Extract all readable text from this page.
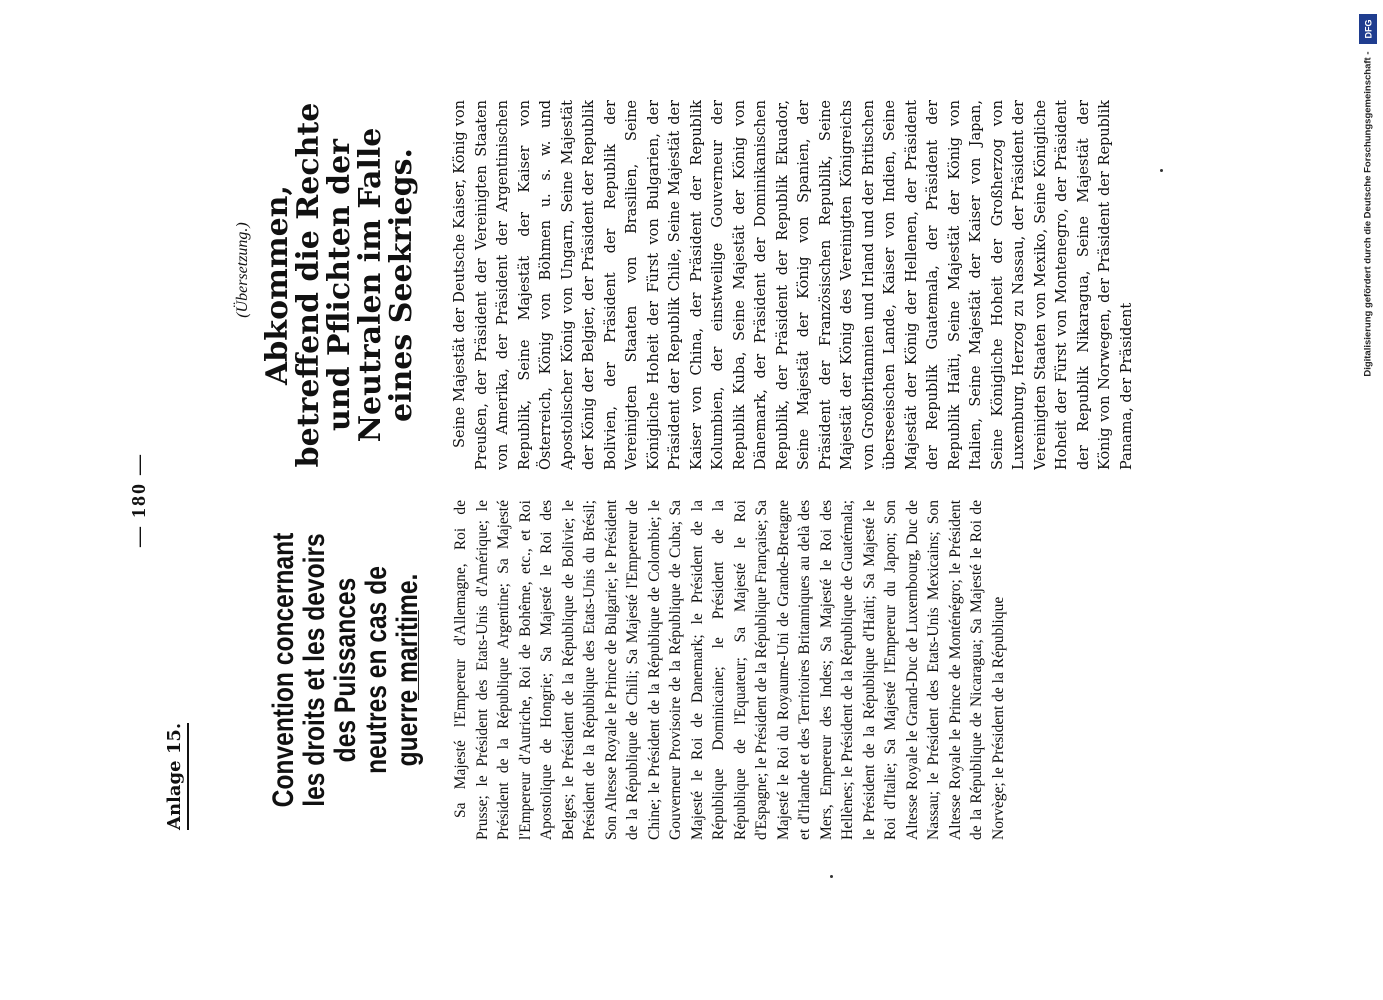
— 180 —
Anlage 15.
(Übersetzung.)
Convention concernant les droits et les devoirs des Puissances neutres en cas de guerre maritime.
Abkommen, betreffend die Rechte und Pflichten der Neutralen im Falle eines Seekriegs.

Sa Majesté l'Empereur d'Allemagne, Roi de Prusse; le Président des Etats-Unis d'Amérique; le Président de la République Argentine; Sa Majesté l'Empereur d'Autriche, Roi de Bohême, etc., et Roi Apostolique de Hongrie; Sa Majesté le Roi des Belges; le Président de la République de Bolivie; le Président de la République des Etats-Unis du Brésil; Son Altesse Royale le Prince de Bulgarie; le Président de la République de Chili; Sa Majesté l'Empereur de Chine; le Président de la République de Colombie; le Gouverneur Provisoire de la République de Cuba; Sa Majesté le Roi de Danemark; le Président de la République Dominicaine; le Président de la République de l'Equateur; Sa Majesté le Roi d'Espagne; le Président de la République Française; Sa Majesté le Roi du Royaume-Uni de Grande-Bretagne et d'Irlande et des Territoires Britanniques au delà des Mers, Empereur des Indes; Sa Majesté le Roi des Hellènes; le Président de la République de Guatémala; le Président de la République d'Haïti; Sa Majesté le Roi d'Italie; Sa Majesté l'Empereur du Japon; Son Altesse Royale le Grand-Duc de Luxembourg, Duc de Nassau; le Président des Etats-Unis Mexicains; Son Altesse Royale le Prince de Monténégro; le Président de la République de Nicaragua; Sa Majesté le Roi de Norvège; le Président de la République

Seine Majestät der Deutsche Kaiser, König von Preußen, der Präsident der Vereinigten Staaten von Amerika, der Präsident der Argentinischen Republik, Seine Majestät der Kaiser von Österreich, König von Böhmen u. s. w. und Apostolischer König von Ungarn, Seine Majestät der König der Belgier, der Präsident der Republik Bolivien, der Präsident der Republik der Vereinigten Staaten von Brasilien, Seine Königliche Hoheit der Fürst von Bulgarien, der Präsident der Republik Chile, Seine Majestät der Kaiser von China, der Präsident der Republik Kolumbien, der einstweilige Gouverneur der Republik Kuba, Seine Majestät der König von Dänemark, der Präsident der Dominikanischen Republik, der Präsident der Republik Ekuador, Seine Majestät der König von Spanien, der Präsident der Französischen Republik, Seine Majestät der König des Vereinigten Königreichs von Großbritannien und Irland und der Britischen überseeischen Lande, Kaiser von Indien, Seine Majestät der König der Hellenen, der Präsident der Republik Guatemala, der Präsident der Republik Haïti, Seine Majestät der König von Italien, Seine Majestät der Kaiser von Japan, Seine Königliche Hoheit der Großherzog von Luxemburg, Herzog zu Nassau, der Präsident der Vereinigten Staaten von Mexiko, Seine Königliche Hoheit der Fürst von Montenegro, der Präsident der Republik Nikaragua, Seine Majestät der König von Norwegen, der Präsident der Republik Panama, der Präsident

DFG
Digitalisierung gefördert durch die Deutsche Forschungsgemeinschaft -
